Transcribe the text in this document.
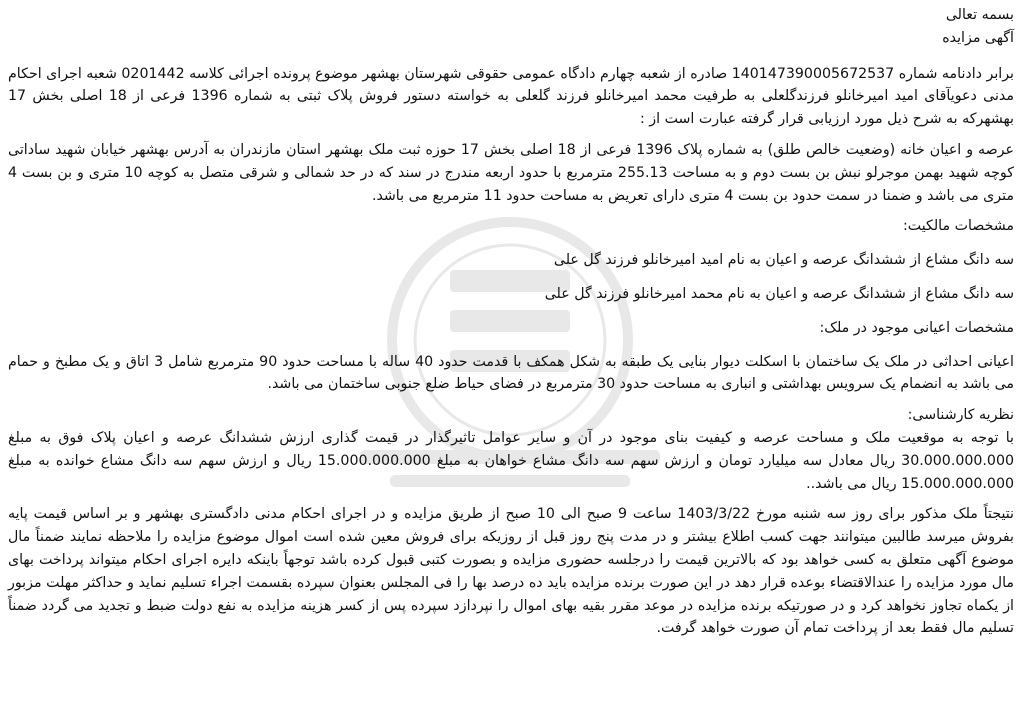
بسمه تعالی

آگهی مزایده

برابر دادنامه شماره 140147390005672537 صادره از شعبه چهارم دادگاه عمومی حقوقی شهرستان بهشهر موضوع پرونده اجرائی کلاسه 0201442 شعبه اجرای احکام مدنی دعویآقای امید امیرخانلو فرزندگلعلی به طرفیت محمد امیرخانلو فرزند گلعلی به خواسته دستور فروش پلاک ثبتی به شماره 1396 فرعی از 18 اصلی بخش 17 بهشهرکه به شرح ذیل مورد ارزیابی قرار گرفته عبارت است از :

عرصه و اعیان خانه (وضعیت خالص طلق) به شماره پلاک 1396 فرعی از 18 اصلی بخش 17 حوزه ثبت ملک بهشهر استان مازندران به آدرس بهشهر خیابان شهید ساداتی کوچه شهید بهمن موجرلو نبش بن بست دوم و به مساحت 255.13 مترمربع با حدود اربعه مندرج در سند که در حد شمالی و شرقی متصل به کوچه 10 متری و بن بست 4 متری می باشد و ضمنا در سمت حدود بن بست 4 متری دارای تعریض به مساحت حدود 11 مترمربع می باشد.

مشخصات مالکیت:

سه دانگ مشاع از ششدانگ عرصه و اعیان به نام امید امیرخانلو فرزند گل علی

سه دانگ مشاع از ششدانگ عرصه و اعیان به نام محمد امیرخانلو فرزند گل علی

مشخصات اعیانی موجود در ملک:

اعیانی احداثی در ملک یک ساختمان با اسکلت دیوار بنایی یک طبقه به شکل همکف با قدمت حدود 40 ساله با مساحت حدود 90 مترمربع شامل 3 اتاق و یک مطبخ و حمام می باشد به انضمام یک سرویس بهداشتی و انباری به مساحت حدود 30 مترمربع در فضای حیاط ضلع جنوبی ساختمان می باشد.

نظریه کارشناسی:

با توجه به موقعیت ملک و مساحت عرصه و کیفیت بنای موجود در آن و سایر عوامل تاثیرگذار در قیمت گذاری ارزش ششدانگ عرصه و اعیان پلاک فوق به مبلغ 30.000.000.000 ریال معادل سه میلیارد تومان و ارزش سهم سه دانگ مشاع خواهان به مبلغ 15.000.000.000 ریال و ارزش سهم سه دانگ مشاع خوانده به مبلغ 15.000.000.000 ریال می باشد..

نتیجتاً ملک مذکور برای روز سه شنبه مورخ 1403/3/22 ساعت 9 صبح الی 10 صبح از طریق مزایده و در اجرای احکام مدنی دادگستری بهشهر و بر اساس قیمت پایه بفروش میرسد طالبین میتوانند جهت کسب اطلاع بیشتر و در مدت پنج روز قبل از روزیکه برای فروش معین شده است اموال موضوع مزایده را ملاحظه نمایند ضمناً مال موضوع آگهی متعلق به کسی خواهد بود که بالاترین قیمت را درجلسه حضوری مزایده و بصورت کتبی قبول کرده باشد توجهاً باینکه دایره اجرای احکام میتواند پرداخت بهای مال مورد مزایده را عندالاقتضاء بوعده قرار دهد در این صورت برنده مزایده باید ده درصد بها را فی المجلس بعنوان سپرده بقسمت اجراء تسلیم نماید و حداکثر مهلت مزبور از یکماه تجاوز نخواهد کرد و در صورتیکه برنده مزایده در موعد مقرر بقیه بهای اموال را نپردازد سپرده پس از کسر هزینه مزایده به نفع دولت ضبط و تجدید می گردد ضمناً تسلیم مال فقط بعد از پرداخت تمام آن صورت خواهد گرفت.
